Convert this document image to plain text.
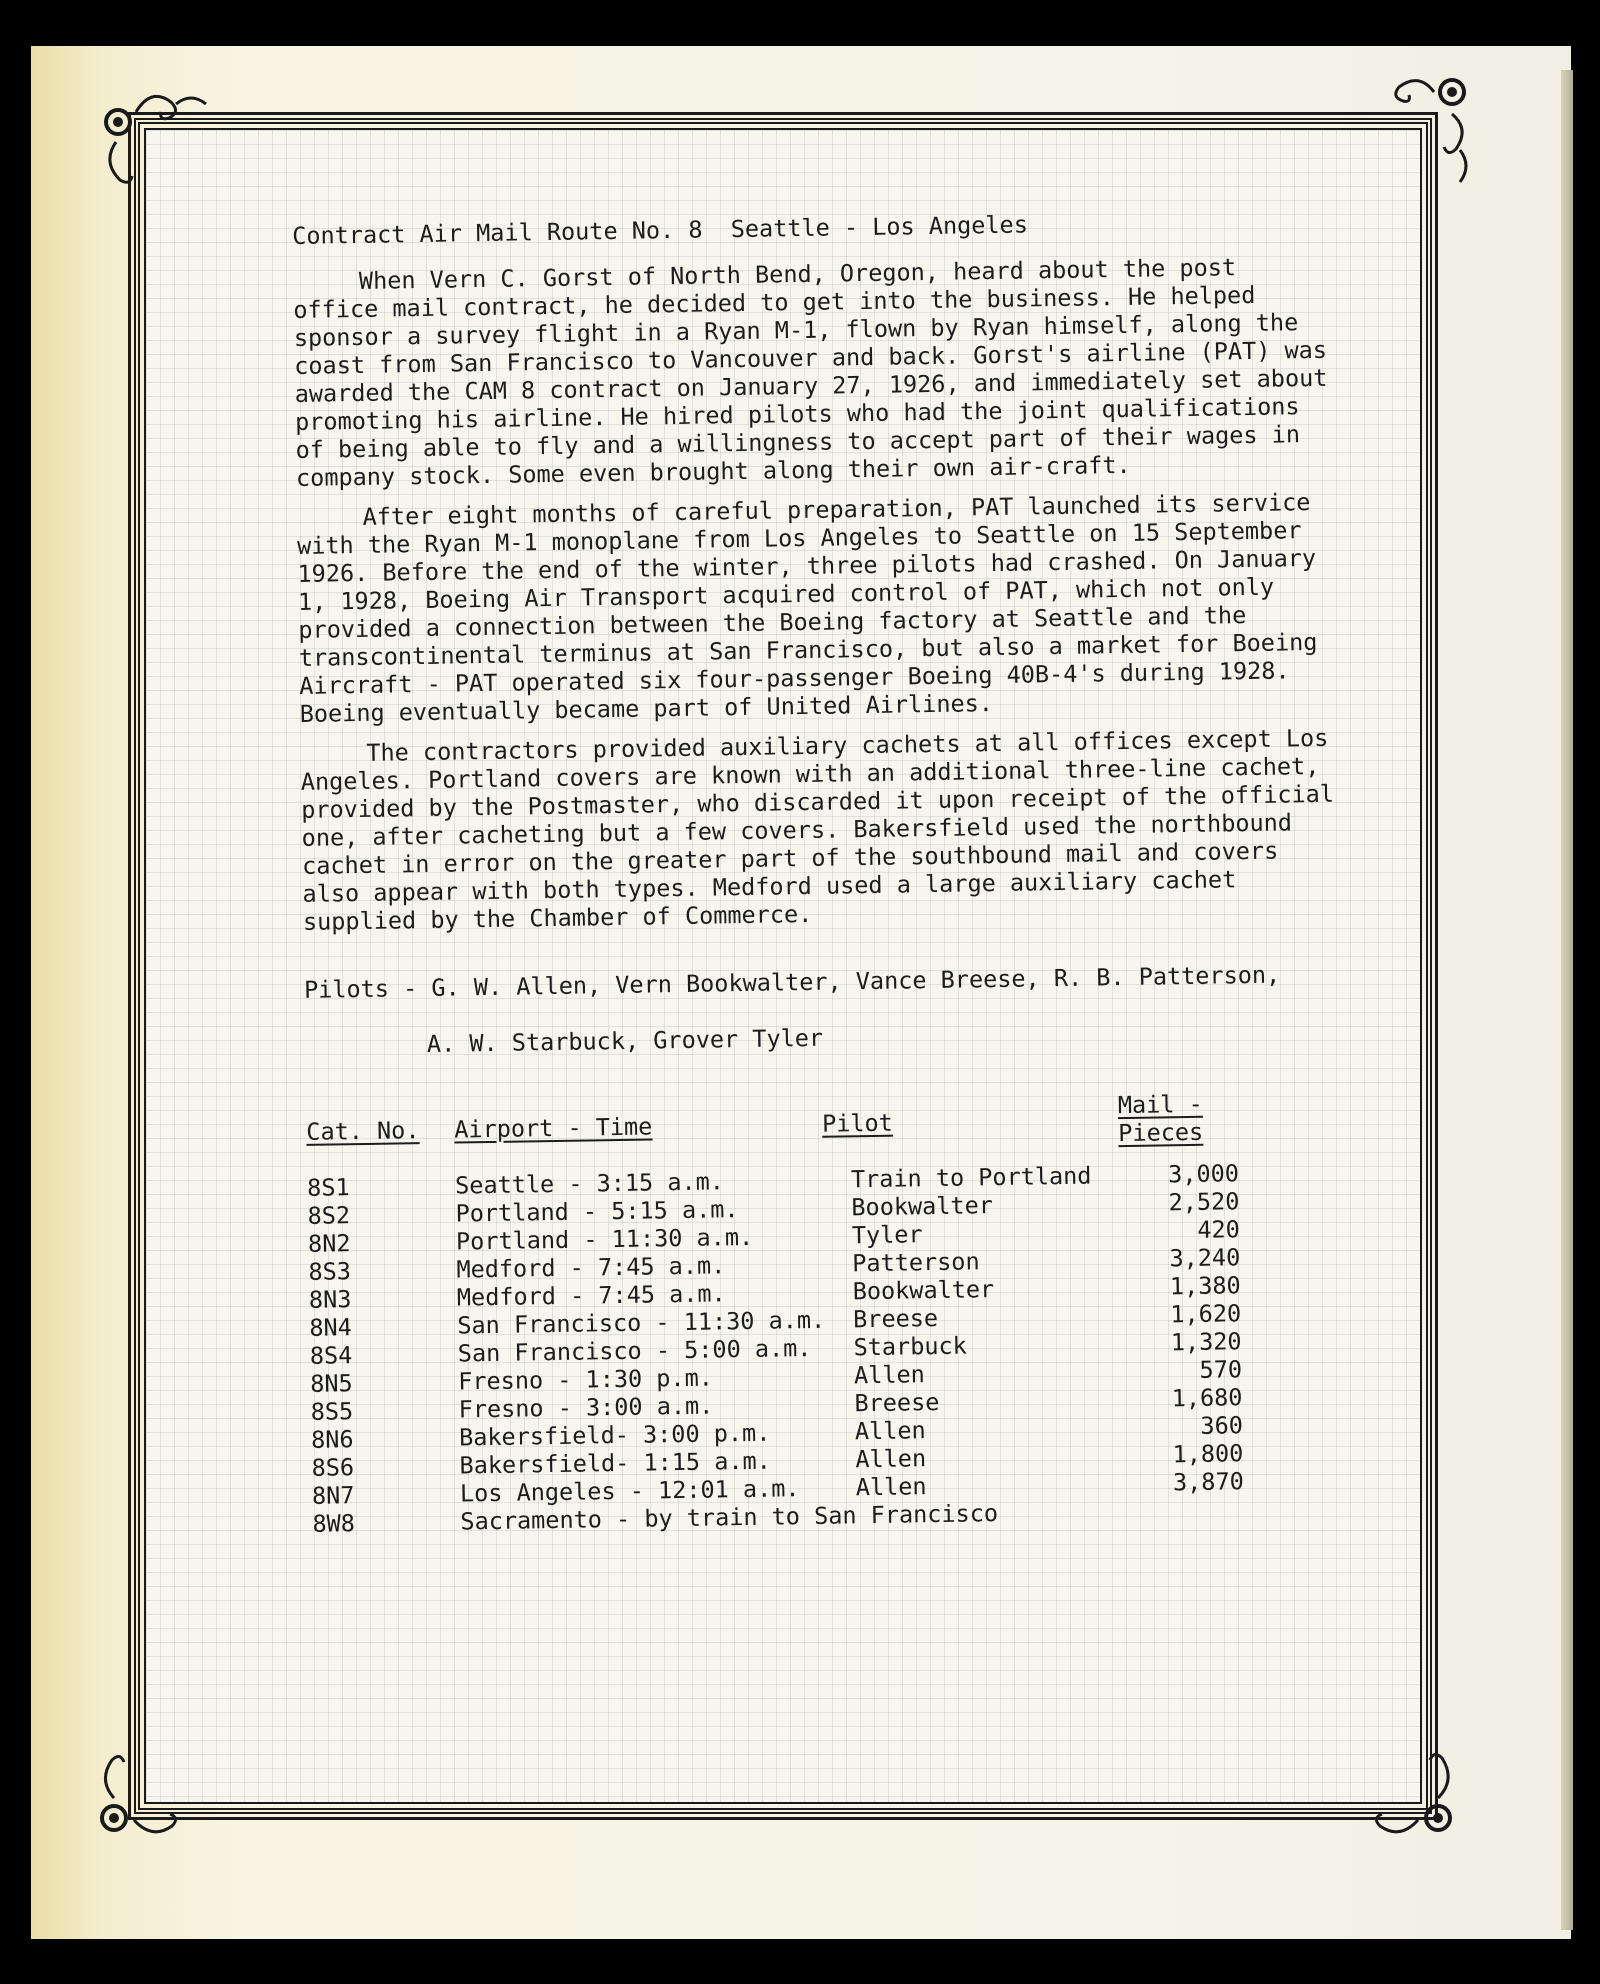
Contract Air Mail Route No. 8  Seattle - Los Angeles
When Vern C. Gorst of North Bend, Oregon, heard about the post office mail contract, he decided to get into the business. He helped sponsor a survey flight in a Ryan M-1, flown by Ryan himself, along the coast from San Francisco to Vancouver and back. Gorst's airline (PAT) was awarded the CAM 8 contract on January 27, 1926, and immediately set about promoting his airline. He hired pilots who had the joint qualifications of being able to fly and a willingness to accept part of their wages in company stock. Some even brought along their own air-craft.
After eight months of careful preparation, PAT launched its service with the Ryan M-1 monoplane from Los Angeles to Seattle on 15 September 1926. Before the end of the winter, three pilots had crashed. On January 1, 1928, Boeing Air Transport acquired control of PAT, which not only provided a connection between the Boeing factory at Seattle and the transcontinental terminus at San Francisco, but also a market for Boeing Aircraft - PAT operated six four-passenger Boeing 40B-4's during 1928. Boeing eventually became part of United Airlines.
The contractors provided auxiliary cachets at all offices except Los Angeles. Portland covers are known with an additional three-line cachet, provided by the Postmaster, who discarded it upon receipt of the official one, after cacheting but a few covers. Bakersfield used the northbound cachet in error on the greater part of the southbound mail and covers also appear with both types. Medford used a large auxiliary cachet supplied by the Chamber of Commerce.

Pilots - G. W. Allen, Vern Bookwalter, Vance Breese, R. B. Patterson,

A. W. Starbuck, Grover Tyler

Cat. No.	Airport - Time	Pilot	Mail - Pieces
8S1	Seattle - 3:15 a.m.	Train to Portland	3,000
8S2	Portland - 5:15 a.m.	Bookwalter	2,520
8N2	Portland - 11:30 a.m.	Tyler	420
8S3	Medford - 7:45 a.m.	Patterson	3,240
8N3	Medford - 7:45 a.m.	Bookwalter	1,380
8N4	San Francisco - 11:30 a.m.	Breese	1,620
8S4	San Francisco - 5:00 a.m.	Starbuck	1,320
8N5	Fresno - 1:30 p.m.	Allen	570
8S5	Fresno - 3:00 a.m.	Breese	1,680
8N6	Bakersfield- 3:00 p.m.	Allen	360
8S6	Bakersfield- 1:15 a.m.	Allen	1,800
8N7	Los Angeles - 12:01 a.m.	Allen	3,870
8W8	Sacramento - by train to San Francisco		
